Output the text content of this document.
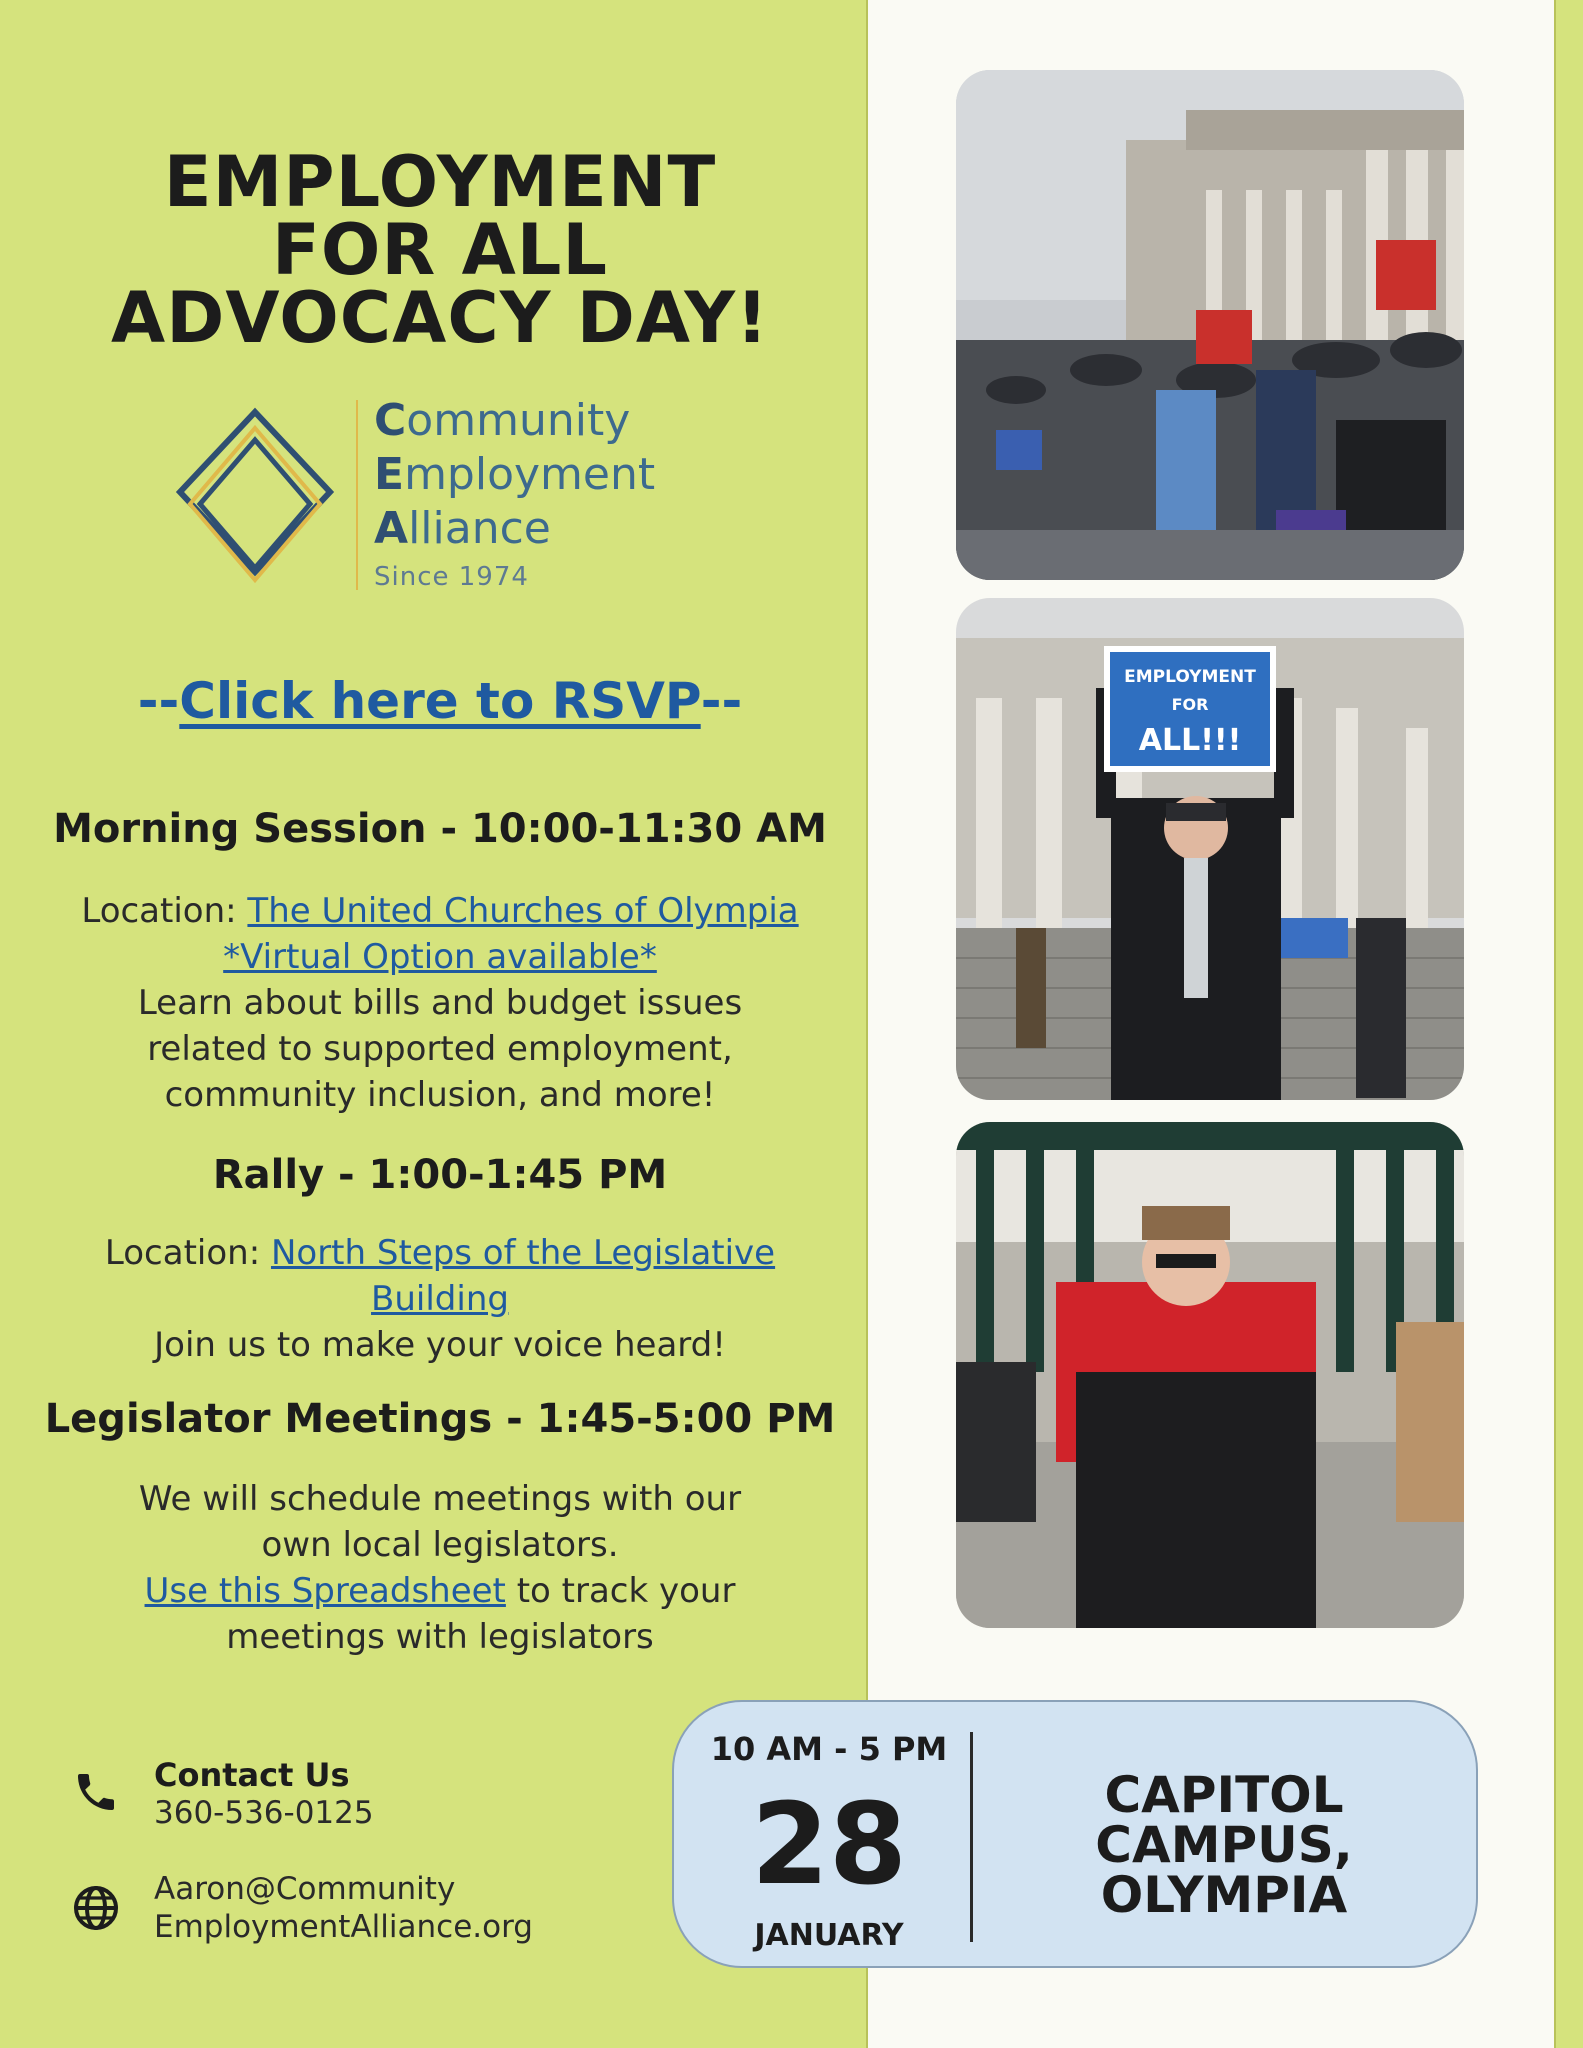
EMPLOYMENT
FOR ALL
ADVOCACY DAY!
Community
Employment
Alliance
Since 1974
--Click here to RSVP--
Morning Session - 10:00-11:30 AM
Location: The United Churches of Olympia
*Virtual Option available*
Learn about bills and budget issues
related to supported employment,
community inclusion, and more!
Rally - 1:00-1:45 PM
Location: North Steps of the Legislative
Building
Join us to make your voice heard!
Legislator Meetings - 1:45-5:00 PM
We will schedule meetings with our
own local legislators.
Use this Spreadsheet to track your
meetings with legislators
Contact Us
360-536-0125
Aaron@Community
EmploymentAlliance.org
EMPLOYMENT
FOR
ALL!!!
10 AM - 5 PM
28
JANUARY
CAPITOL
CAMPUS,
OLYMPIA
